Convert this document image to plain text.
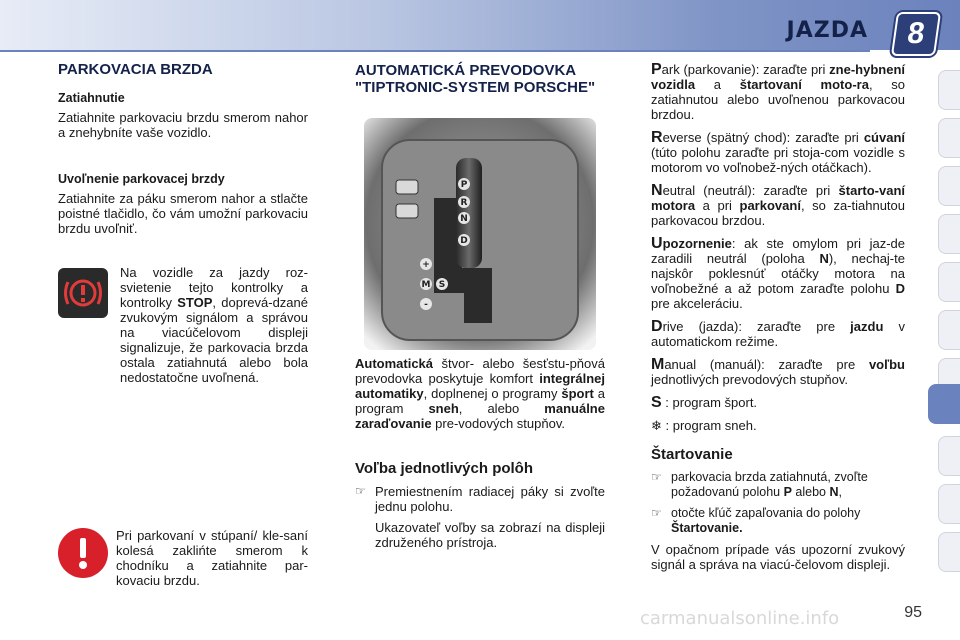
JAZDA	8
PARKOVACIA BRZDA
Zatiahnutie

Zatiahnite parkovaciu brzdu smerom nahor a znehybníte vaše vozidlo.

Uvoľnenie parkovacej brzdy

Zatiahnite za páku smerom nahor a stlačte poistné tlačidlo, čo vám umožní parkovaciu brzdu uvoľniť.

Na vozidle za jazdy roz-svietenie tejto kontrolky a kontrolky STOP, doprevá-dzané zvukovým signálom a správou na viacúčelovom displeji signalizuje, že parkovacia brzda ostala zatiahnutá alebo bola nedostatočne uvoľnená.

Pri parkovaní v stúpaní/ kle-saní kolesá zaklińte smerom k chodníku a zatiahnite par-kovaciu brzdu.

AUTOMATICKÁ PREVODOVKA "TIPTRONIC-SYSTEM PORSCHE"
P
R
N
D
M
+
-
S

Automatická štvor- alebo šesťstu-pňová prevodovka poskytuje komfort integrálnej automatiky, doplnenej o programy šport a program sneh, alebo manuálne zaraďovanie pre-vodových stupňov.

Voľba jednotlivých polôh
☞ Premiestnením radiacej páky si zvoľte jednu polohu.

Ukazovateľ voľby sa zobrazí na displeji združeného prístroja.

Park (parkovanie): zaraďte pri zne-hybnení vozidla a štartovaní moto-ra, so zatiahnutou alebo uvoľnenou parkovacou brzdou.

Reverse (spätný chod): zaraďte pri cúvaní (túto polohu zaraďte pri stoja-com vozidle s motorom vo voľnobež-ných otáčkach).

Neutral (neutrál): zaraďte pri štarto-vaní motora a pri parkovaní, so za-tiahnutou parkovacou brzdou.

Upozornenie: ak ste omylom pri jaz-de zaradili neutrál (poloha N), nechaj-te najskôr poklesnúť otáčky motora na voľnobežné a až potom zaraďte polohu D pre akceleráciu.

Drive (jazda): zaraďte pre jazdu v automatickom režime.

Manual (manuál): zaraďte pre voľbu jednotlivých prevodových stupňov.

S : program šport.

❄ : program sneh.

Štartovanie
☞ parkovacia brzda zatiahnutá, zvoľte požadovanú polohu P alebo N,
☞ otočte kľúč zapaľovania do polohy Štartovanie.

V opačnom prípade vás upozorní zvukový signál a správa na viacú-čelovom displeji.

95
carmanualsonline.info
